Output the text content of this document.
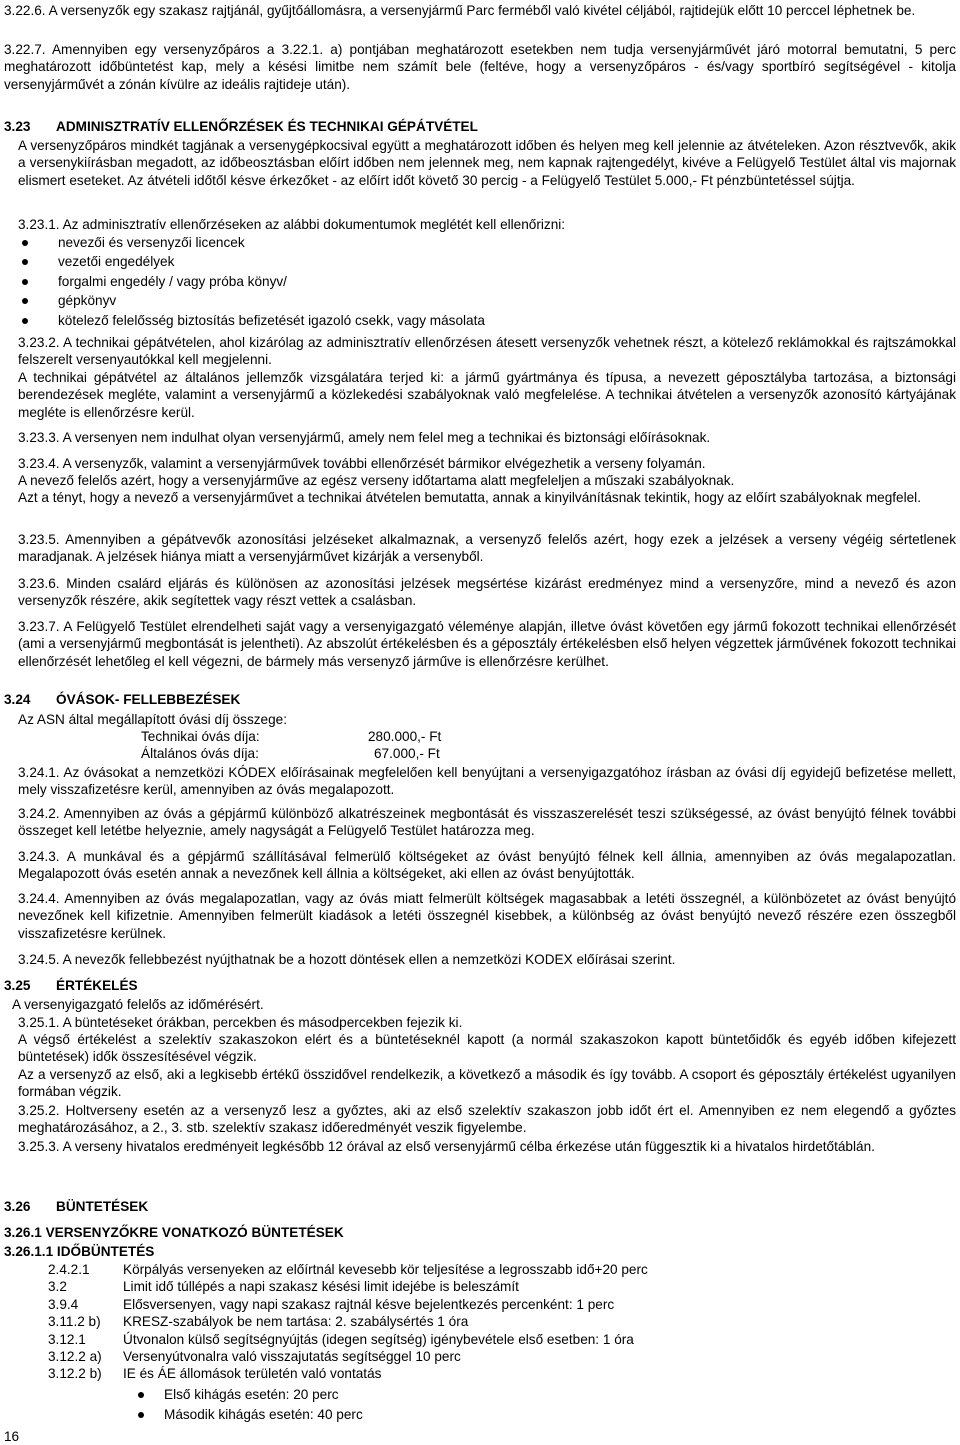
3.22.6. A versenyzők egy szakasz rajtjánál, gyűjtőállomásra, a versenyjármű Parc ferméből való kivétel céljából, rajtidejük előtt 10 perccel léphetnek be.

3.22.7. Amennyiben egy versenyzőpáros a 3.22.1. a) pontjában meghatározott esetekben nem tudja versenyjárművét járó motorral bemutatni, 5 perc meghatározott időbüntetést kap, mely a késési limitbe nem számít bele (feltéve, hogy a versenyzőpáros - és/vagy sportbíró segítségével - kitolja versenyjárművét a zónán kívülre az ideális rajtideje után).

3.23 ADMINISZTRATÍV ELLENŐRZÉSEK ÉS TECHNIKAI GÉPÁTVÉTEL

A versenyzőpáros mindkét tagjának a versenygépkocsival együtt a meghatározott időben és helyen meg kell jelennie az átvételeken. Azon résztvevők, akik a versenykiírásban megadott, az időbeosztásban előírt időben nem jelennek meg, nem kapnak rajtengedélyt, kivéve a Felügyelő Testület által vis majornak elismert eseteket. Az átvételi időtől késve érkezőket - az előírt időt követő 30 percig - a Felügyelő Testület 5.000,- Ft pénzbüntetéssel sújtja.

3.23.1. Az adminisztratív ellenőrzéseken az alábbi dokumentumok meglétét kell ellenőrizni:

nevezői és versenyzői licencek
vezetői engedélyek
forgalmi engedély / vagy próba könyv/
gépkönyv
kötelező felelősség biztosítás befizetését igazoló csekk, vagy másolata

3.23.2. A technikai gépátvételen, ahol kizárólag az adminisztratív ellenőrzésen átesett versenyzők vehetnek részt, a kötelező reklámokkal és rajtszámokkal felszerelt versenyautókkal kell megjelenni.

A technikai gépátvétel az általános jellemzők vizsgálatára terjed ki: a jármű gyártmánya és típusa, a nevezett géposztályba tartozása, a biztonsági berendezések megléte, valamint a versenyjármű a közlekedési szabályoknak való megfelelése. A technikai átvételen a versenyzők azonosító kártyájának megléte is ellenőrzésre kerül.

3.23.3. A versenyen nem indulhat olyan versenyjármű, amely nem felel meg a technikai és biztonsági előírásoknak.

3.23.4. A versenyzők, valamint a versenyjárművek további ellenőrzését bármikor elvégezhetik a verseny folyamán.

A nevező felelős azért, hogy a versenyjárműve az egész verseny időtartama alatt megfeleljen a műszaki szabályoknak.

Azt a tényt, hogy a nevező a versenyjárművet a technikai átvételen bemutatta, annak a kinyilvánításnak tekintik, hogy az előírt szabályoknak megfelel.

3.23.5. Amennyiben a gépátvevők azonosítási jelzéseket alkalmaznak, a versenyző felelős azért, hogy ezek a jelzések a verseny végéig sértetlenek maradjanak. A jelzések hiánya miatt a versenyjárművet kizárják a versenyből.

3.23.6. Minden csalárd eljárás és különösen az azonosítási jelzések megsértése kizárást eredményez mind a versenyzőre, mind a nevező és azon versenyzők részére, akik segítettek vagy részt vettek a csalásban.

3.23.7. A Felügyelő Testület elrendelheti saját vagy a versenyigazgató véleménye alapján, illetve óvást követően egy jármű fokozott technikai ellenőrzését (ami a versenyjármű megbontását is jelentheti). Az abszolút értékelésben és a géposztály értékelésben első helyen végzettek járművének fokozott technikai ellenőrzését lehetőleg el kell végezni, de bármely más versenyző járműve is ellenőrzésre kerülhet.

3.24 ÓVÁSOK- FELLEBBEZÉSEK

Az ASN által megállapított óvási díj összege:

Technikai óvás díja:	280.000,- Ft
Általános óvás díja:	67.000,- Ft

3.24.1. Az óvásokat a nemzetközi KÓDEX előírásainak megfelelően kell benyújtani a versenyigazgatóhoz írásban az óvási díj egyidejű befizetése mellett, mely visszafizetésre kerül, amennyiben az óvás megalapozott.

3.24.2. Amennyiben az óvás a gépjármű különböző alkatrészeinek megbontását és visszaszerelését teszi szükségessé, az óvást benyújtó félnek további összeget kell letétbe helyeznie, amely nagyságát a Felügyelő Testület határozza meg.

3.24.3. A munkával és a gépjármű szállításával felmerülő költségeket az óvást benyújtó félnek kell állnia, amennyiben az óvás megalapozatlan. Megalapozott óvás esetén annak a nevezőnek kell állnia a költségeket, aki ellen az óvást benyújtották.

3.24.4. Amennyiben az óvás megalapozatlan, vagy az óvás miatt felmerült költségek magasabbak a letéti összegnél, a különbözetet az óvást benyújtó nevezőnek kell kifizetnie. Amennyiben felmerült kiadások a letéti összegnél kisebbek, a különbség az óvást benyújtó nevező részére ezen összegből visszafizetésre kerülnek.

3.24.5. A nevezők fellebbezést nyújthatnak be a hozott döntések ellen a nemzetközi KODEX előírásai szerint.

3.25 ÉRTÉKELÉS

A versenyigazgató felelős az időmérésért.

3.25.1. A büntetéseket órákban, percekben és másodpercekben fejezik ki.

A végső értékelést a szelektív szakaszokon elért és a büntetéseknél kapott (a normál szakaszokon kapott büntetőidők és egyéb időben kifejezett büntetések) idők összesítésével végzik.

Az a versenyző az első, aki a legkisebb értékű összidővel rendelkezik, a következő a második és így tovább. A csoport és géposztály értékelést ugyanilyen formában végzik.

3.25.2. Holtverseny esetén az a versenyző lesz a győztes, aki az első szelektív szakaszon jobb időt ért el. Amennyiben ez nem elegendő a győztes meghatározásához, a 2., 3. stb. szelektív szakasz időeredményét veszik figyelembe.

3.25.3. A verseny hivatalos eredményeit legkésőbb 12 órával az első versenyjármű célba érkezése után függesztik ki a hivatalos hirdetőtáblán.

3.26 BÜNTETÉSEK
3.26.1 VERSENYZŐKRE VONATKOZÓ BÜNTETÉSEK
3.26.1.1 IDŐBÜNTETÉS
2.4.2.1 Körpályás versenyeken az előírtnál kevesebb kör teljesítése a legrosszabb idő+20 perc
3.2	Limit idő túllépés a napi szakasz késési limit idejébe is beleszámít
3.9.4	Elősversenyen, vagy napi szakasz rajtnál késve bejelentkezés percenként: 1 perc
3.11.2 b) KRESZ-szabályok be nem tartása: 2. szabálysértés 1 óra
3.12.1	Útvonalon külső segítségnyújtás (idegen segítség) igénybevétele első esetben: 1 óra
3.12.2 a) Versenyútvonalra való visszajutatás segítséggel 10 perc
3.12.2 b) IE és ÁE állomások területén való vontatás
Első kihágás esetén: 20 perc
Második kihágás esetén: 40 perc
16
